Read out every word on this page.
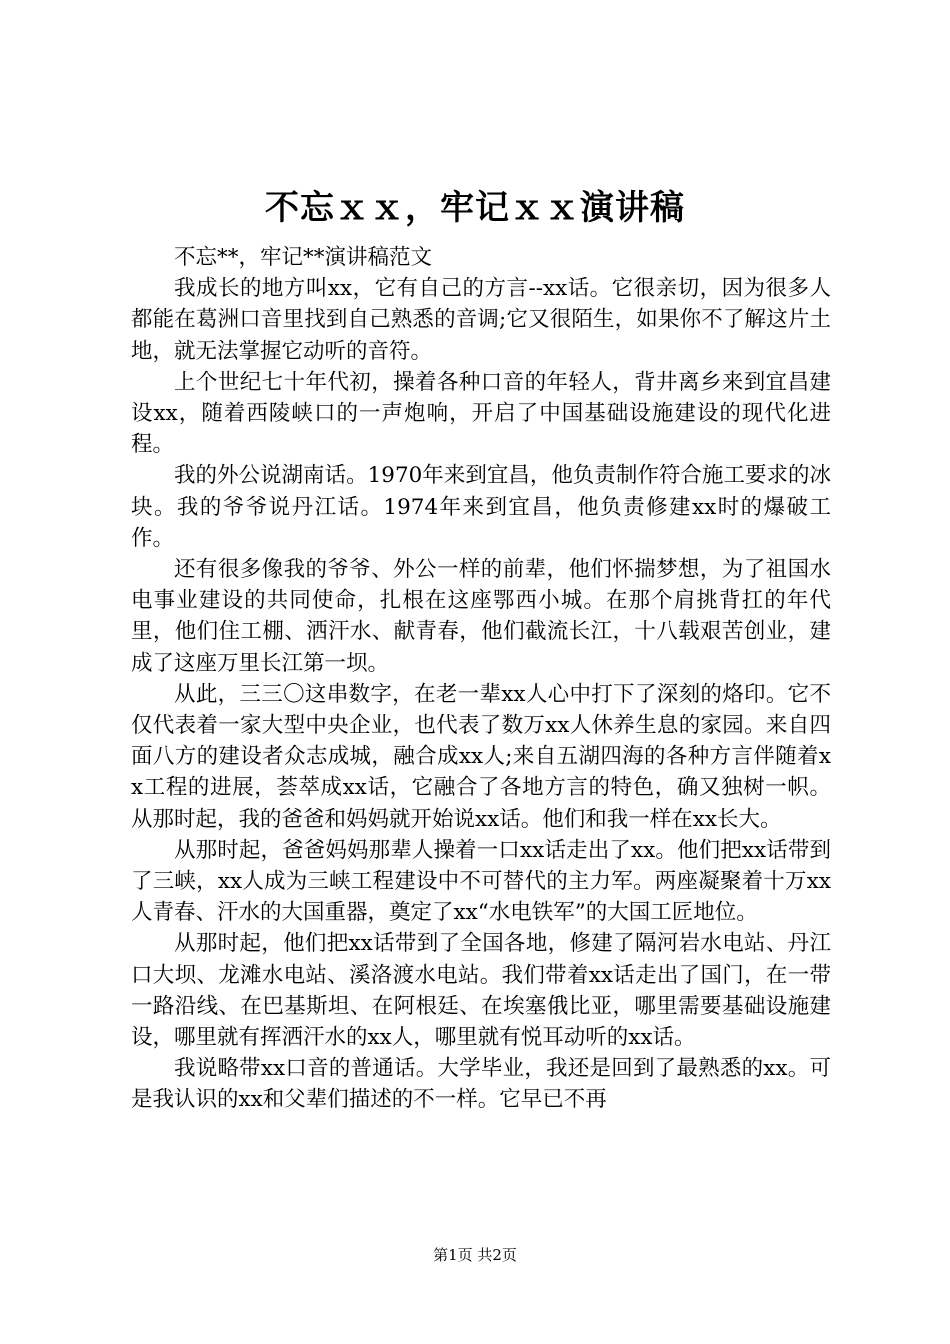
不忘ｘｘ，牢记ｘｘ演讲稿

不忘**，牢记**演讲稿范文

我成长的地方叫xx，它有自己的方言--xx话。它很亲切，因为很多人都能在葛洲口音里找到自己熟悉的音调;它又很陌生，如果你不了解这片土地，就无法掌握它动听的音符。

上个世纪七十年代初，操着各种口音的年轻人，背井离乡来到宜昌建设xx，随着西陵峡口的一声炮响，开启了中国基础设施建设的现代化进程。

我的外公说湖南话。1970年来到宜昌，他负责制作符合施工要求的冰块。我的爷爷说丹江话。1974年来到宜昌，他负责修建xx时的爆破工作。

还有很多像我的爷爷、外公一样的前辈，他们怀揣梦想，为了祖国水电事业建设的共同使命，扎根在这座鄂西小城。在那个肩挑背扛的年代里，他们住工棚、洒汗水、献青春，他们截流长江，十八载艰苦创业，建成了这座万里长江第一坝。

从此，三三〇这串数字，在老一辈xx人心中打下了深刻的烙印。它不仅代表着一家大型中央企业，也代表了数万xx人休养生息的家园。来自四面八方的建设者众志成城，融合成xx人;来自五湖四海的各种方言伴随着xx工程的进展，荟萃成xx话，它融合了各地方言的特色，确又独树一帜。从那时起，我的爸爸和妈妈就开始说xx话。他们和我一样在xx长大。

从那时起，爸爸妈妈那辈人操着一口xx话走出了xx。他们把xx话带到了三峡，xx人成为三峡工程建设中不可替代的主力军。两座凝聚着十万xx人青春、汗水的大国重器，奠定了xx“水电铁军”的大国工匠地位。

从那时起，他们把xx话带到了全国各地，修建了隔河岩水电站、丹江口大坝、龙滩水电站、溪洛渡水电站。我们带着xx话走出了国门，在一带一路沿线、在巴基斯坦、在阿根廷、在埃塞俄比亚，哪里需要基础设施建设，哪里就有挥洒汗水的xx人，哪里就有悦耳动听的xx话。

我说略带xx口音的普通话。大学毕业，我还是回到了最熟悉的xx。可是我认识的xx和父辈们描述的不一样。它早已不再

第1页 共2页
